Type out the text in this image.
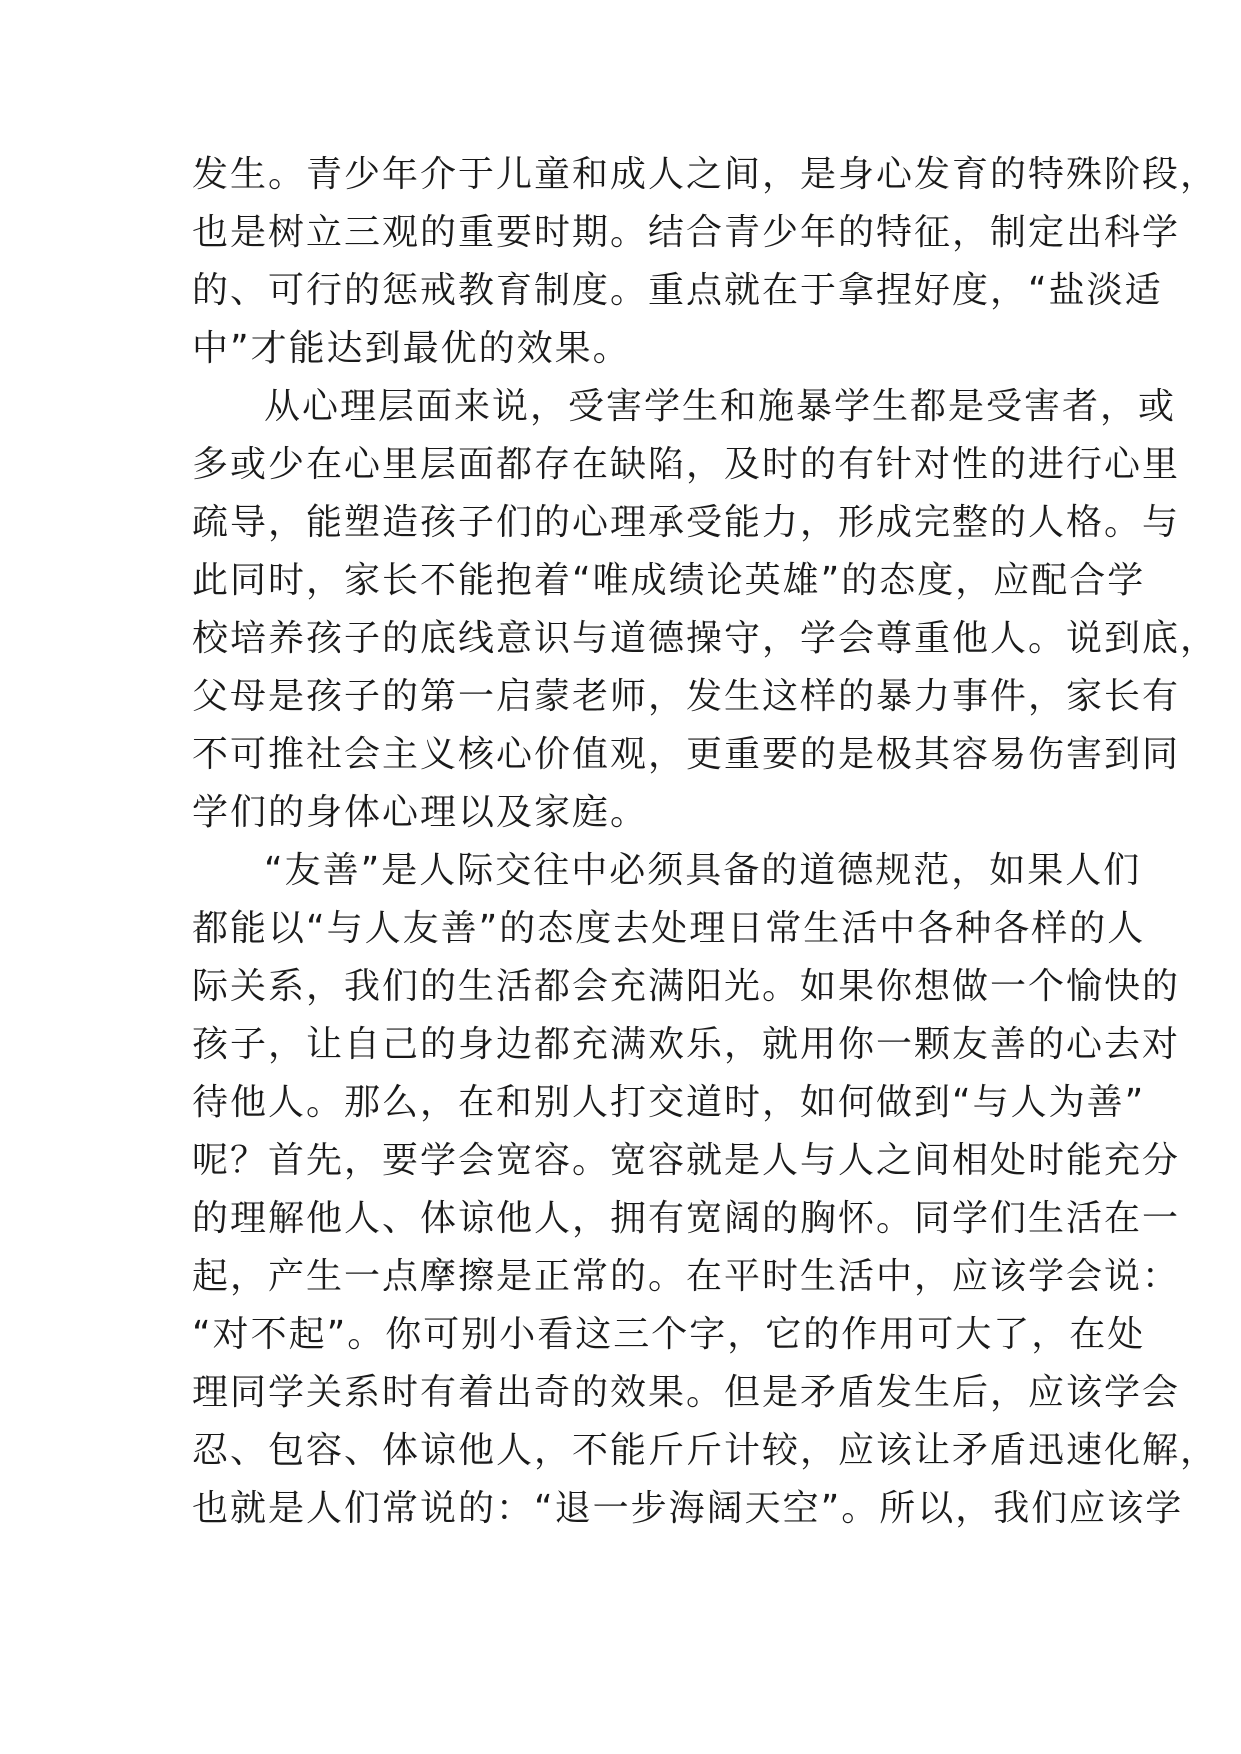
发生。青少年介于儿童和成人之间，是身心发育的特殊阶段，
也是树立三观的重要时期。结合青少年的特征，制定出科学
的、可行的惩戒教育制度。重点就在于拿捏好度，“盐淡适
中”才能达到最优的效果。
从心理层面来说，受害学生和施暴学生都是受害者，或
多或少在心里层面都存在缺陷，及时的有针对性的进行心里
疏导，能塑造孩子们的心理承受能力，形成完整的人格。与
此同时，家长不能抱着“唯成绩论英雄”的态度，应配合学
校培养孩子的底线意识与道德操守，学会尊重他人。说到底，
父母是孩子的第一启蒙老师，发生这样的暴力事件，家长有
不可推社会主义核心价值观，更重要的是极其容易伤害到同
学们的身体心理以及家庭。
“友善”是人际交往中必须具备的道德规范，如果人们
都能以“与人友善”的态度去处理日常生活中各种各样的人
际关系，我们的生活都会充满阳光。如果你想做一个愉快的
孩子，让自己的身边都充满欢乐，就用你一颗友善的心去对
待他人。那么，在和别人打交道时，如何做到“与人为善”
呢？首先，要学会宽容。宽容就是人与人之间相处时能充分
的理解他人、体谅他人，拥有宽阔的胸怀。同学们生活在一
起，产生一点摩擦是正常的。在平时生活中，应该学会说：
“对不起”。你可别小看这三个字，它的作用可大了，在处
理同学关系时有着出奇的效果。但是矛盾发生后，应该学会
忍、包容、体谅他人，不能斤斤计较，应该让矛盾迅速化解，
也就是人们常说的：“退一步海阔天空”。所以，我们应该学
